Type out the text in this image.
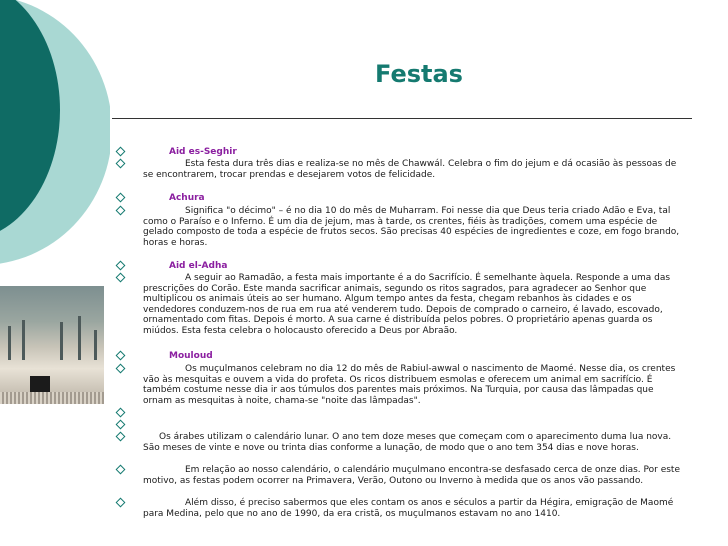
Festas
Aid es-Seghir
Esta festa dura três dias e realiza-se no mês de Chawwál. Celebra o fim do jejum e dá ocasião às pessoas de se encontrarem, trocar prendas e desejarem votos de felicidade.
Achura
Significa "o décimo" – é no dia 10 do mês de Muharram. Foi nesse dia que Deus teria criado Adão e Eva, tal como o Paraíso e o Inferno. É um dia de jejum, mas à tarde, os crentes, fiéis às tradições, comem uma espécie de gelado composto de toda a espécie de frutos secos. São precisas 40 espécies de ingredientes e coze, em fogo brando, horas e horas.
Aid el-Adha
A seguir ao Ramadão, a festa mais importante é a do Sacrifício. É semelhante àquela. Responde a uma das prescrições do Corão. Este manda sacrificar animais, segundo os ritos sagrados, para agradecer ao Senhor que multiplicou os animais úteis ao ser humano. Algum tempo antes da festa, chegam rebanhos às cidades e os vendedores conduzem-nos de rua em rua até venderem tudo. Depois de comprado o carneiro, é lavado, escovado, ornamentado com fitas. Depois é morto. A sua carne é distribuída pelos pobres. O proprietário apenas guarda os miúdos. Esta festa celebra o holocausto oferecido a Deus por Abraão.
Mouloud
Os muçulmanos celebram no dia 12 do mês de Rabiul-awwal o nascimento de Maomé. Nesse dia, os crentes vão às mesquitas e ouvem a vida do profeta. Os ricos distribuem esmolas e oferecem um animal em sacrifício. É também costume nesse dia ir aos túmulos dos parentes mais próximos. Na Turquia, por causa das lâmpadas que ornam as mesquitas à noite, chama-se "noite das lâmpadas".
Os árabes utilizam o calendário lunar. O ano tem doze meses que começam com o aparecimento duma lua nova. São meses de vinte e nove ou trinta dias conforme a lunação, de modo que o ano tem 354 dias e nove horas.
Em relação ao nosso calendário, o calendário muçulmano encontra-se desfasado cerca de onze dias. Por este motivo, as festas podem ocorrer na Primavera, Verão, Outono ou Inverno à medida que os anos vão passando.
Além disso, é preciso sabermos que eles contam os anos e séculos a partir da Hégira, emigração de Maomé para Medina, pelo que no ano de 1990, da era cristã, os muçulmanos estavam no ano 1410.
